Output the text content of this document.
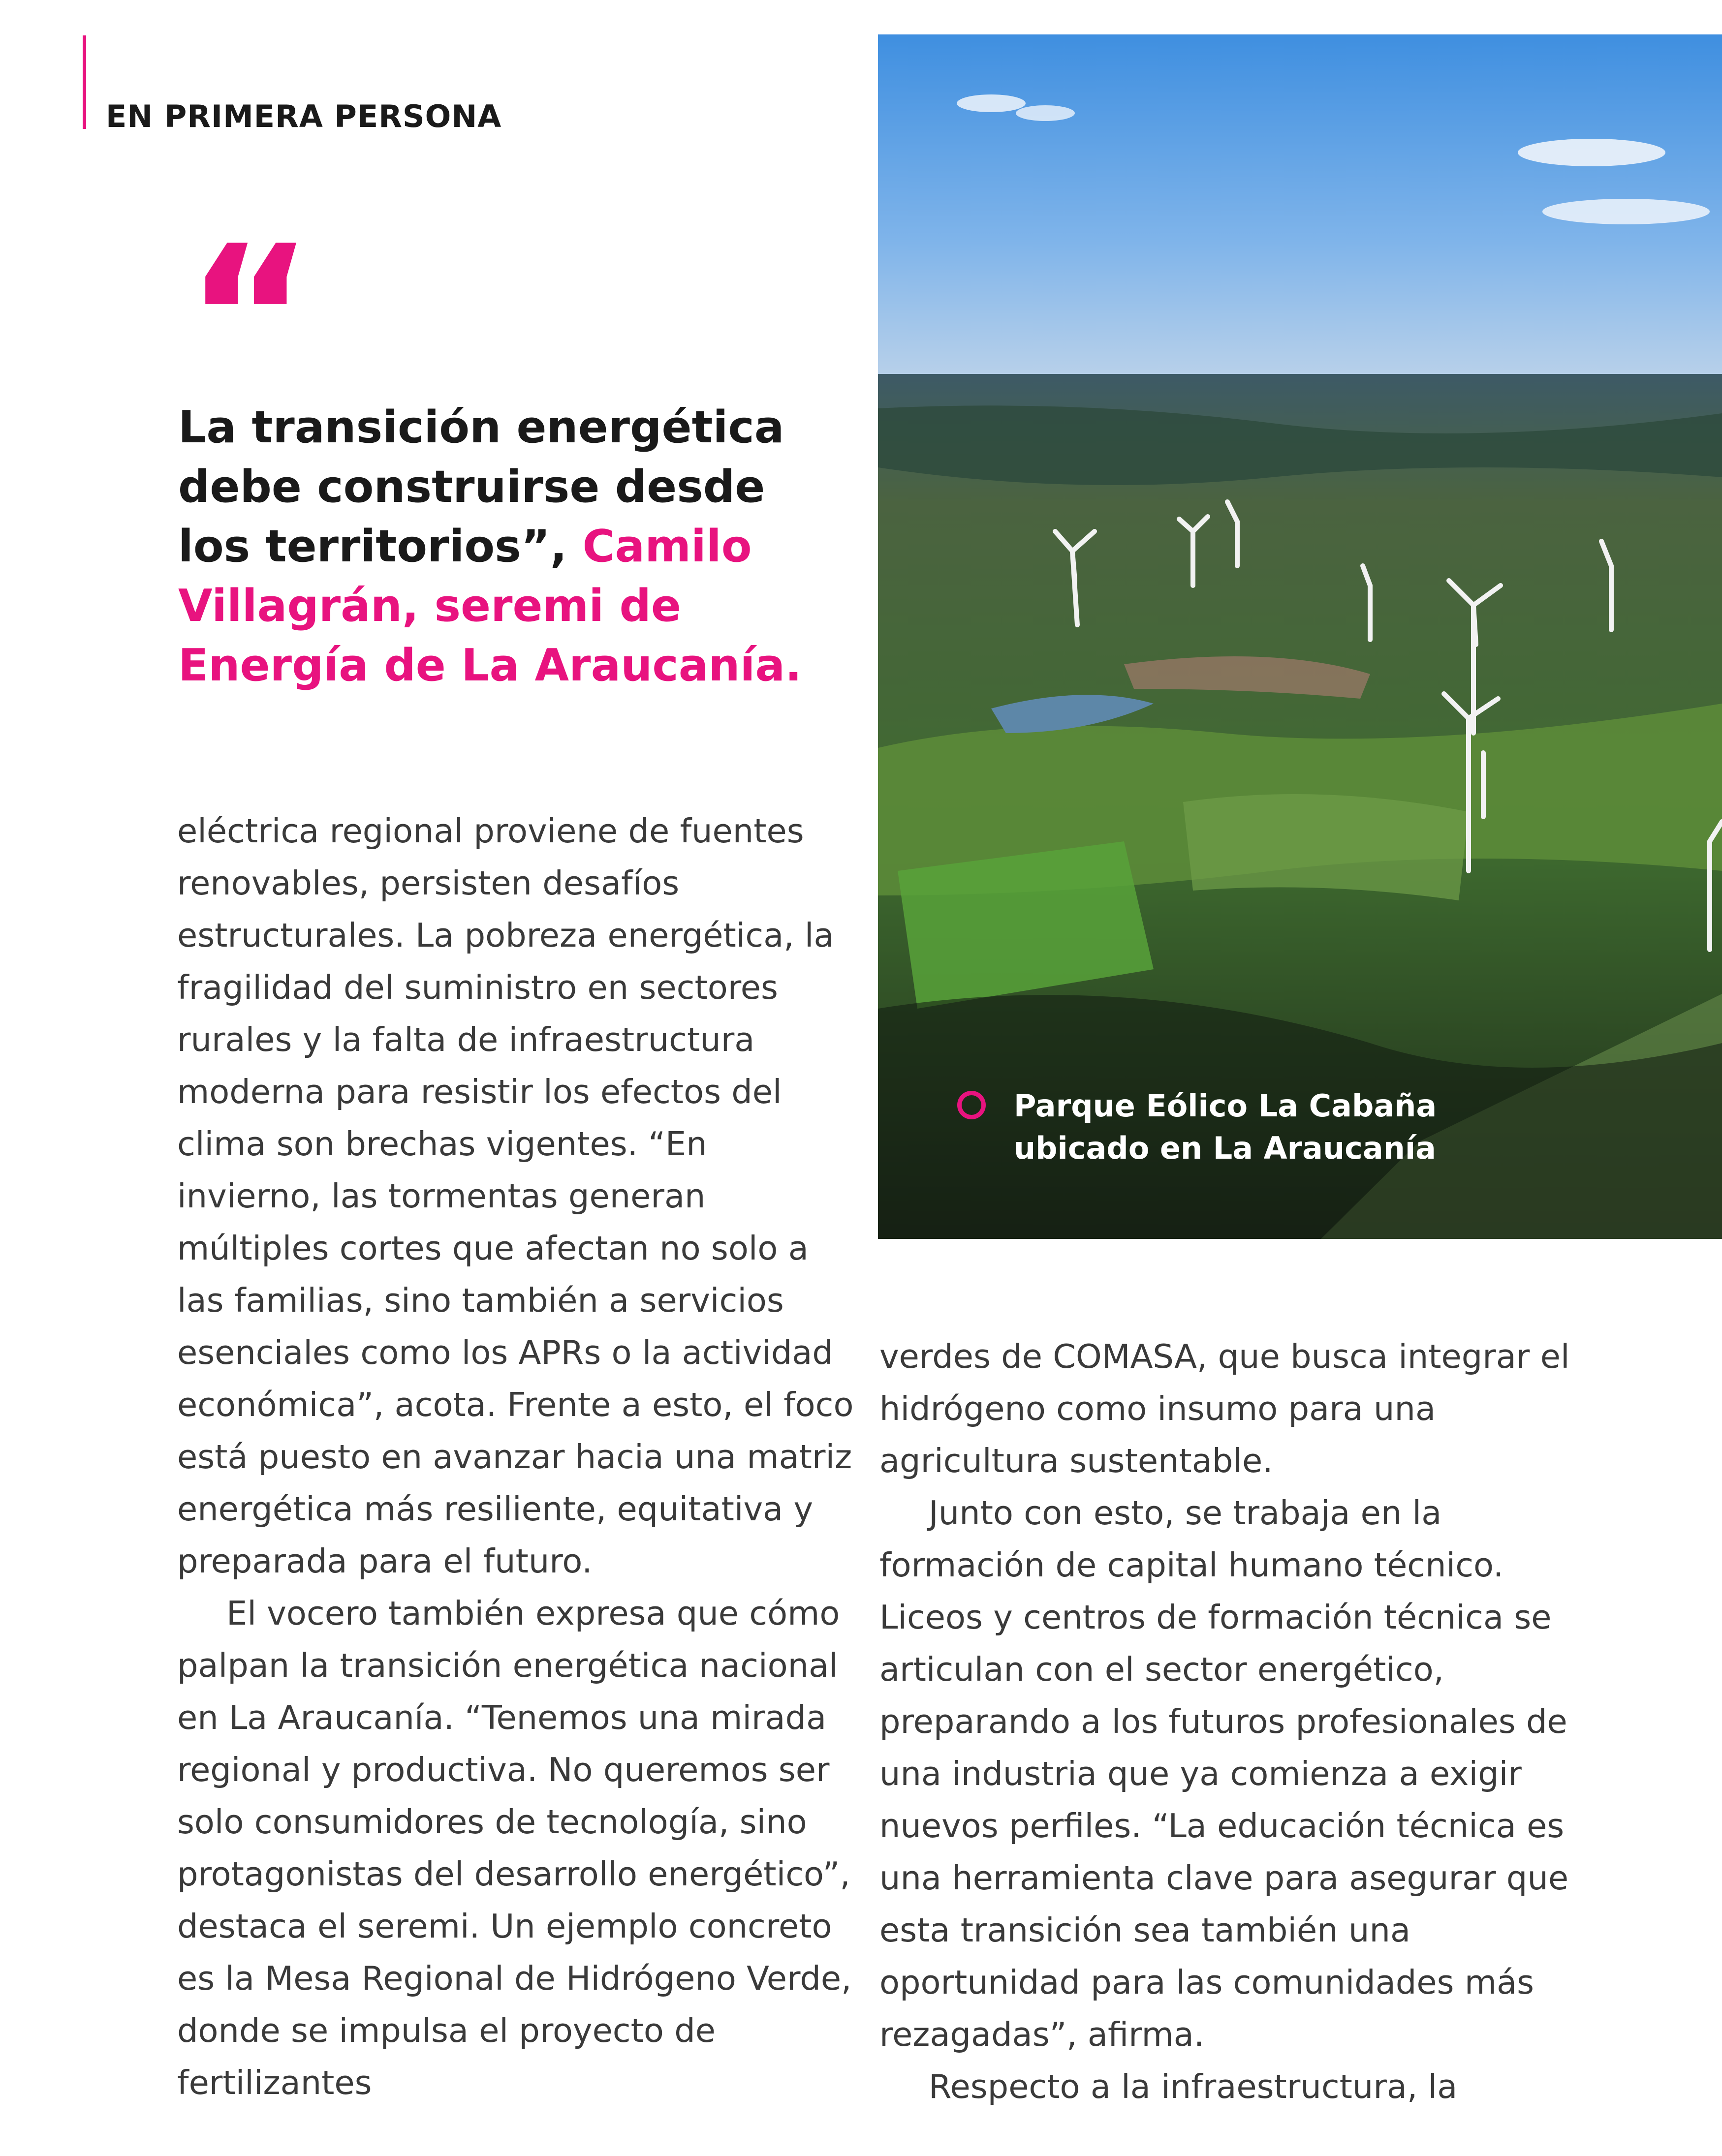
EN PRIMERA PERSONA
“
La transición energética debe construirse desde los territorios”, Camilo Villagrán, seremi de Energía de La Araucanía.

eléctrica regional proviene de fuentes renovables, persisten desafíos estructurales. La pobreza energética, la fragilidad del suministro en sectores rurales y la falta de infraestructura moderna para resistir los efectos del clima son brechas vigentes. “En invierno, las tormentas generan múltiples cortes que afectan no solo a las familias, sino también a servicios esenciales como los APRs o la actividad económica”, acota. Frente a esto, el foco está puesto en avanzar hacia una matriz energética más resiliente, equitativa y preparada para el futuro.

El vocero también expresa que cómo palpan la transición energética nacional en La Araucanía. “Tenemos una mirada regional y productiva. No queremos ser solo consumidores de tecnología, sino protagonistas del desarrollo energético”, destaca el seremi. Un ejemplo concreto es la Mesa Regional de Hidrógeno Verde, donde se impulsa el proyecto de fertilizantes

Parque Eólico La Cabaña
ubicado en La Araucanía

verdes de COMASA, que busca integrar el hidrógeno como insumo para una agricultura sustentable.

Junto con esto, se trabaja en la formación de capital humano técnico. Liceos y centros de formación técnica se articulan con el sector energético, preparando a los futuros profesionales de una industria que ya comienza a exigir nuevos perfiles. “La educación técnica es una herramienta clave para asegurar que esta transición sea también una oportunidad para las comunidades más rezagadas”, afirma.

Respecto a la infraestructura, la
